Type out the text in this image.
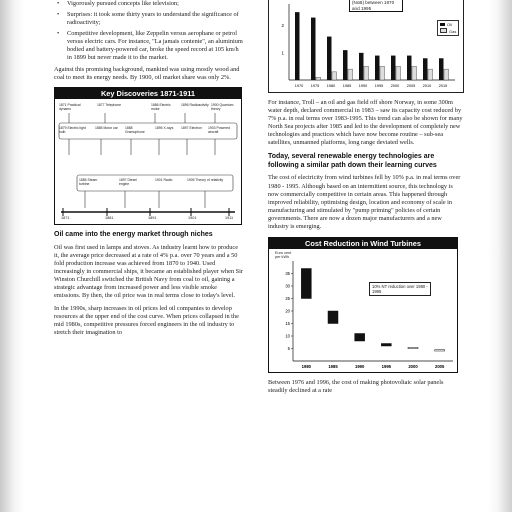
• Vigorously pursued concepts like television;
• Surprises: it took some thirty years to understand the significance of radioactivity;
• Competitive development, like Zeppelin versus aerophane or petrol versus electric cars. For instance, "La jamais contente", an aluminium bodied and battery-powered car, broke the speed record at 105 km/h in 1899 but never made it to the market.

Against this promising background, mankind was using mostly wood and coal to meet its energy needs. By 1900, oil market share was only 2%.

Key Discoveries 1871-1911
1871 Practical dynamo
1877 Telephone	1886 Electric motor
1896 Radioactivity 1900 Quantum theory
1879 Electric light bulb
1885 Motor car	1888 Gramophone
1895 X-rays	1897 Electron	1903 Powered aircraft
1885 Steam turbine
1897 Diesel engine
1901 Radio	1905 Theory of relativity
1871	1881	1891	1901	1911
Oil came into the energy market through niches

Oil was first used in lamps and stoves. As industry learnt how to produce it, the average price decreased at a rate of 4% p.a. over 70 years and a 50 fold production increase was achieved from 1870 to 1940. Used increasingly in commercial ships, it became an established player when Sir Winston Churchill switched the British Navy from coal to oil, gaining a strategic advantage from increased power and less visible smoke emissions. By then, the oil price was in real terms close to today's level.

In the 1990s, sharp increases in oil prices led oil companies to develop resources at the upper end of the cost curve. When prices collapsed in the mid 1980s, competitive pressures forced engineers in the oil industry to stretch their imagination to

2
1
1970 1975 1980 1985 1990 1995 2000 2005 2010 2015
(NoB) between 1970 and 1995
Oil
Gas

For instance, Troll – an oil and gas field off shore Norway, in some 300m water depth, declared commercial in 1983 – saw its capacity cost reduced by 7% p.a. in real terms over 1983-1995. This trend can also be shown for many North Sea projects after 1985 and led to the development of completely new technologies and practices which have now become routine – sub-sea satellites, unmanned platforms, long range deviated wells.

Today, several renewable energy technologies are following a similar path down their learning curves

The cost of electricity from wind turbines fell by 10% p.a. in real terms over 1980 - 1995. Although based on an intermittent source, this technology is now commercially competitive in certain areas. This happened through improved reliability, optimising design, location and economy of scale in manufacturing and stimulated by "pump priming" policies of certain governments. There are now a dozen major manufacturers and a new industry is emerging.

Cost Reduction in Wind Turbines
35
30
25
20
15
10
5
1980	1985	1990	1995	2000	2005
Euro cent per kWh
10% NT reduction over 1980 - 1995

Between 1976 and 1996, the cost of making photovoltaic solar panels steadily declined at a rate
